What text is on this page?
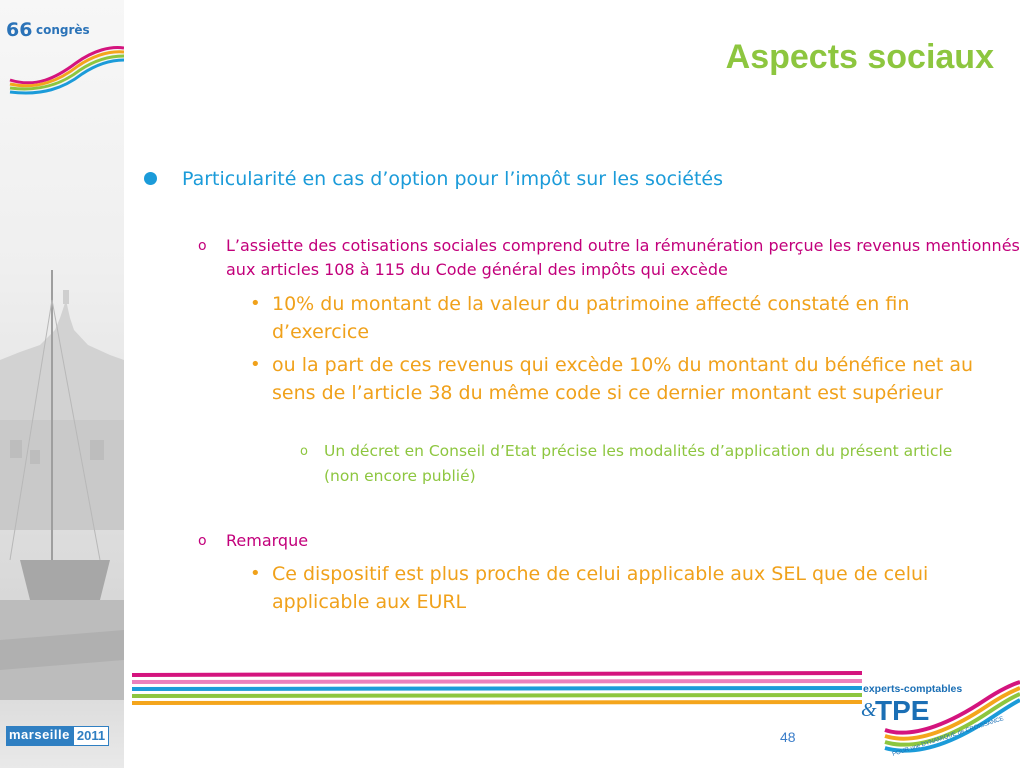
66 congrès
marseille 2011
Aspects sociaux
Particularité en cas d’option pour l’impôt sur les sociétés
o L’assiette des cotisations sociales comprend outre la rémunération perçue les revenus mentionnés aux articles 108 à 115 du Code général des impôts qui excède
• 10% du montant de la valeur du patrimoine affecté constaté en fin d’exercice
• ou la part de ces revenus qui excède 10% du montant du bénéfice net au sens de l’article 38 du même code si ce dernier montant est supérieur
o Un décret en Conseil d’Etat précise les modalités d’application du présent article (non encore publié)
o Remarque
• Ce dispositif est plus proche de celui applicable aux SEL que de celui applicable aux EURL
experts-comptables
&
TPE
POUR une DYNAMIQUE de CROISSANCE
48
